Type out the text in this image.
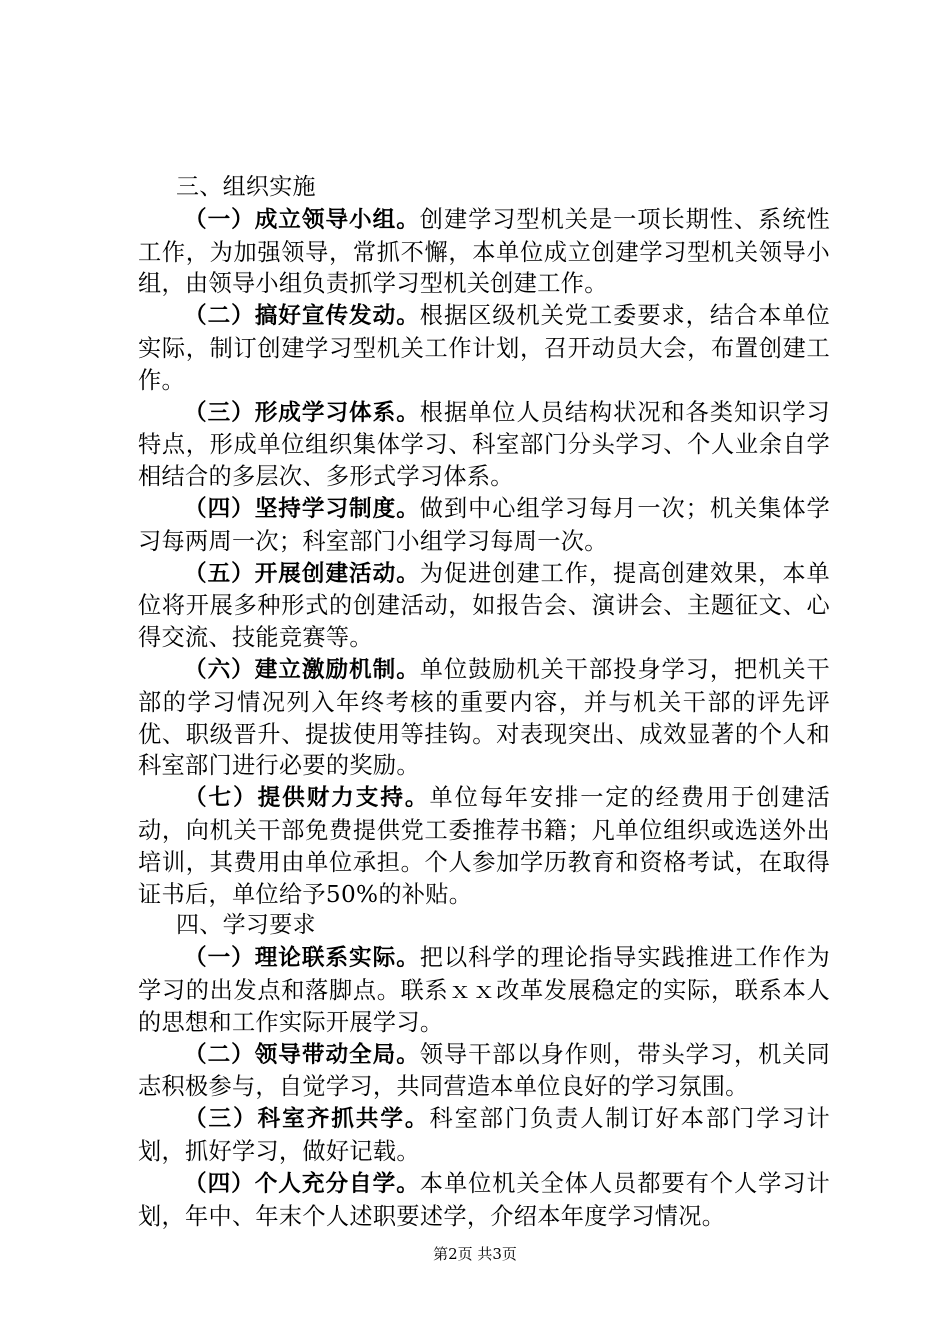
三、组织实施

（一）成立领导小组。创建学习型机关是一项长期性、系统性工作，为加强领导，常抓不懈，本单位成立创建学习型机关领导小组，由领导小组负责抓学习型机关创建工作。

（二）搞好宣传发动。根据区级机关党工委要求，结合本单位实际，制订创建学习型机关工作计划，召开动员大会，布置创建工作。

（三）形成学习体系。根据单位人员结构状况和各类知识学习特点，形成单位组织集体学习、科室部门分头学习、个人业余自学相结合的多层次、多形式学习体系。

（四）坚持学习制度。做到中心组学习每月一次；机关集体学习每两周一次；科室部门小组学习每周一次。

（五）开展创建活动。为促进创建工作，提高创建效果，本单位将开展多种形式的创建活动，如报告会、演讲会、主题征文、心得交流、技能竞赛等。

（六）建立激励机制。单位鼓励机关干部投身学习，把机关干部的学习情况列入年终考核的重要内容，并与机关干部的评先评优、职级晋升、提拔使用等挂钩。对表现突出、成效显著的个人和科室部门进行必要的奖励。

（七）提供财力支持。单位每年安排一定的经费用于创建活动，向机关干部免费提供党工委推荐书籍；凡单位组织或选送外出培训，其费用由单位承担。个人参加学历教育和资格考试，在取得证书后，单位给予50%的补贴。

四、学习要求

（一）理论联系实际。把以科学的理论指导实践推进工作作为学习的出发点和落脚点。联系ｘｘ改革发展稳定的实际，联系本人的思想和工作实际开展学习。

（二）领导带动全局。领导干部以身作则，带头学习，机关同志积极参与，自觉学习，共同营造本单位良好的学习氛围。

（三）科室齐抓共学。科室部门负责人制订好本部门学习计划，抓好学习，做好记载。

（四）个人充分自学。本单位机关全体人员都要有个人学习计划，年中、年末个人述职要述学，介绍本年度学习情况。

第2页 共3页
